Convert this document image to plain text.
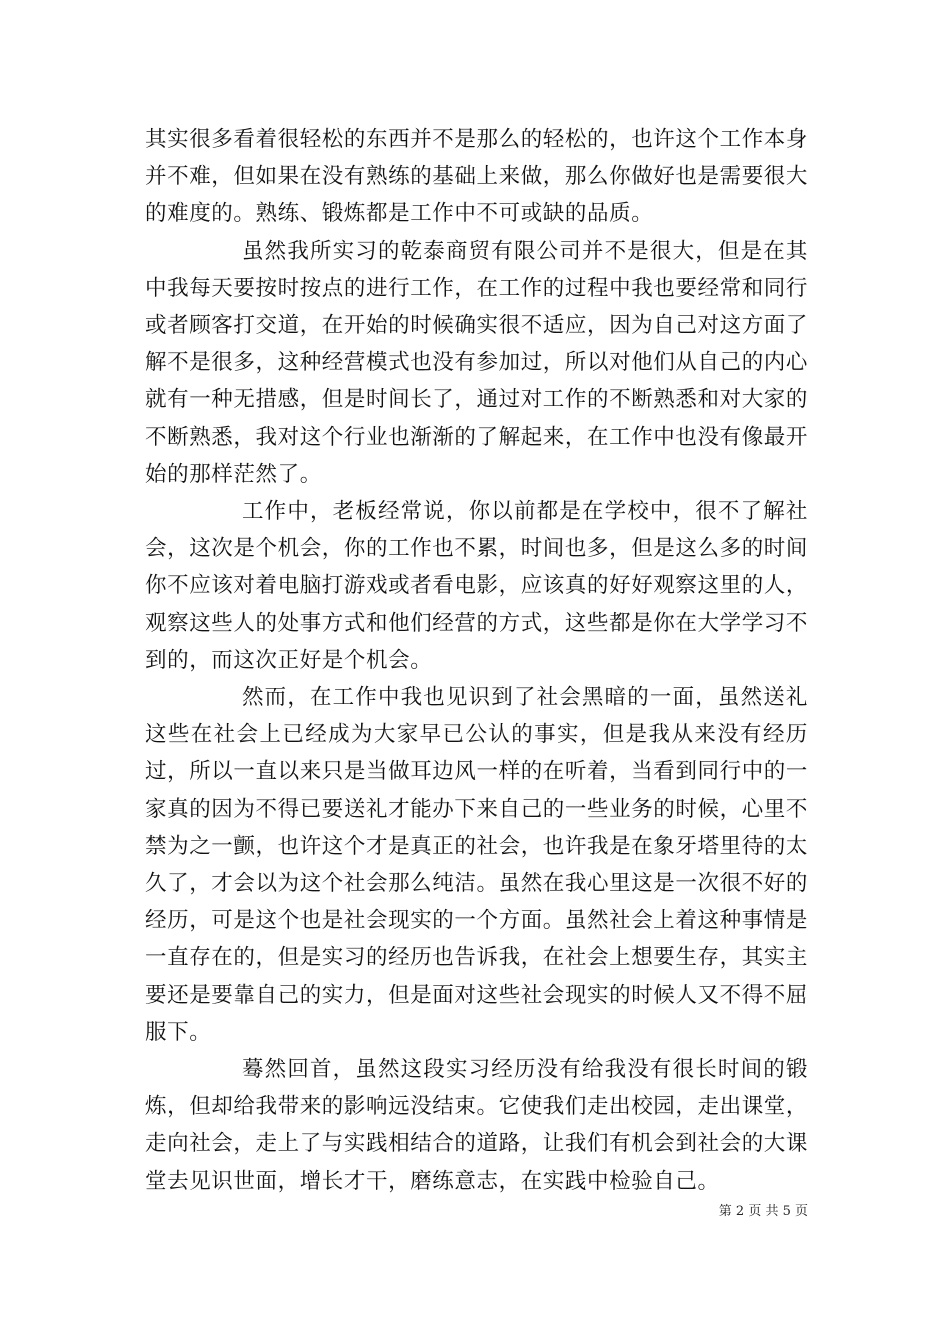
其实很多看着很轻松的东西并不是那么的轻松的，也许这个工作本身并不难，但如果在没有熟练的基础上来做，那么你做好也是需要很大的难度的。熟练、锻炼都是工作中不可或缺的品质。

虽然我所实习的乾泰商贸有限公司并不是很大，但是在其中我每天要按时按点的进行工作，在工作的过程中我也要经常和同行或者顾客打交道，在开始的时候确实很不适应，因为自己对这方面了解不是很多，这种经营模式也没有参加过，所以对他们从自己的内心就有一种无措感，但是时间长了，通过对工作的不断熟悉和对大家的不断熟悉，我对这个行业也渐渐的了解起来，在工作中也没有像最开始的那样茫然了。

工作中，老板经常说，你以前都是在学校中，很不了解社会，这次是个机会，你的工作也不累，时间也多，但是这么多的时间你不应该对着电脑打游戏或者看电影，应该真的好好观察这里的人，观察这些人的处事方式和他们经营的方式，这些都是你在大学学习不到的，而这次正好是个机会。

然而，在工作中我也见识到了社会黑暗的一面，虽然送礼这些在社会上已经成为大家早已公认的事实，但是我从来没有经历过，所以一直以来只是当做耳边风一样的在听着，当看到同行中的一家真的因为不得已要送礼才能办下来自己的一些业务的时候，心里不禁为之一颤，也许这个才是真正的社会，也许我是在象牙塔里待的太久了，才会以为这个社会那么纯洁。虽然在我心里这是一次很不好的经历，可是这个也是社会现实的一个方面。虽然社会上着这种事情是一直存在的，但是实习的经历也告诉我，在社会上想要生存，其实主要还是要靠自己的实力，但是面对这些社会现实的时候人又不得不屈服下。

蓦然回首，虽然这段实习经历没有给我没有很长时间的锻炼，但却给我带来的影响远没结束。它使我们走出校园，走出课堂，走向社会，走上了与实践相结合的道路，让我们有机会到社会的大课堂去见识世面，增长才干，磨练意志，在实践中检验自己。

第 2 页 共 5 页
